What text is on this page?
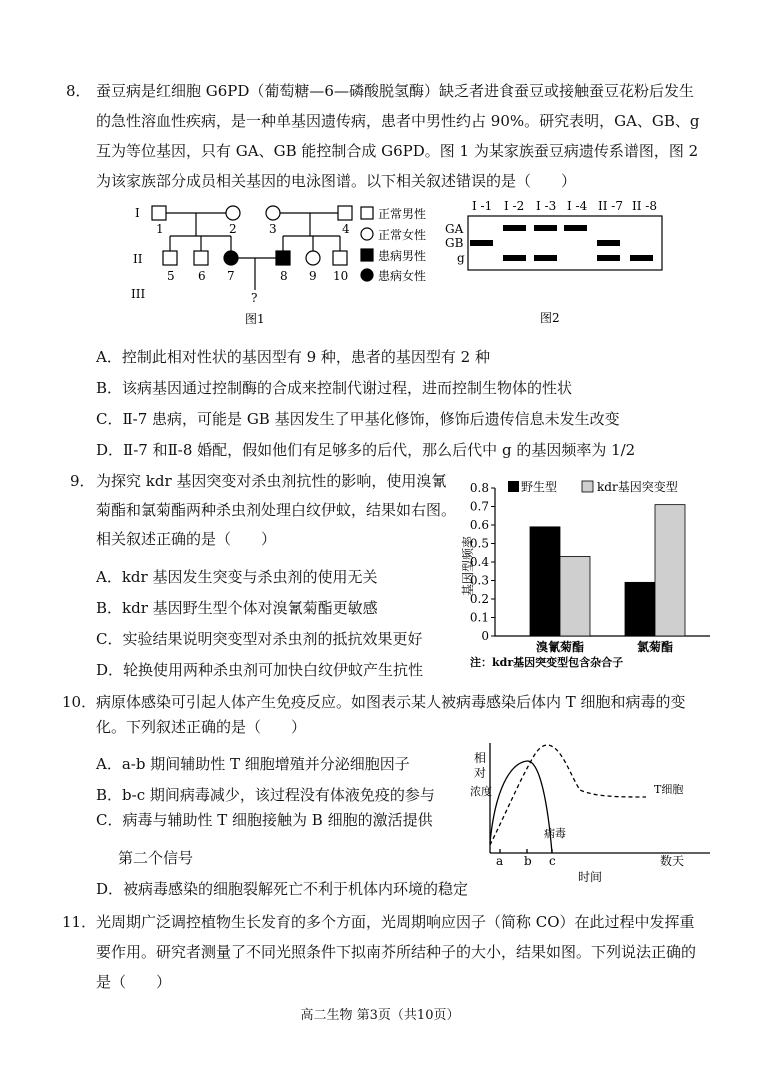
8． 蚕豆病是红细胞 G6PD（葡萄糖—6—磷酸脱氢酶）缺乏者进食蚕豆或接触蚕豆花粉后发生
的急性溶血性疾病，是一种单基因遗传病，患者中男性约占 90%。研究表明，GA、GB、g
互为等位基因，只有 GA、GB 能控制合成 G6PD。图 1 为某家族蚕豆病遗传系谱图，图 2
为该家族部分成员相关基因的电泳图谱。以下相关叙述错误的是（　　）
I
II
III
1	2	3	4
5 6 7	8 9 10
?
正常男性
正常女性
患病男性
患病女性
图1
I -1 I -2 I -3 I -4 II -7 II -8
GA
GB
g
图2
A．控制此相对性状的基因型有 9 种，患者的基因型有 2 种
B．该病基因通过控制酶的合成来控制代谢过程，进而控制生物体的性状
C．Ⅱ-7 患病，可能是 GB 基因发生了甲基化修饰，修饰后遗传信息未发生改变
D．Ⅱ-7 和Ⅱ-8 婚配，假如他们有足够多的后代，那么后代中 g 的基因频率为 1/2
9． 为探究 kdr 基因突变对杀虫剂抗性的影响，使用溴氰
菊酯和氯菊酯两种杀虫剂处理白纹伊蚊，结果如右图。
相关叙述正确的是（　　）
A．kdr 基因发生突变与杀虫剂的使用无关
B．kdr 基因野生型个体对溴氰菊酯更敏感
C．实验结果说明突变型对杀虫剂的抵抗效果更好
D．轮换使用两种杀虫剂可加快白纹伊蚊产生抗性
野生型	kdr基因突变型
基因型频率
0
0.1
0.2
0.3
0.4
0.5
0.6
0.7
0.8
溴氰菊酯	氯菊酯
注：kdr基因突变型包含杂合子
10． 病原体感染可引起人体产生免疫反应。如图表示某人被病毒感染后体内 T 细胞和病毒的变
化。下列叙述正确的是（　　）
A．a-b 期间辅助性 T 细胞增殖并分泌细胞因子
B．b-c 期间病毒减少，该过程没有体液免疫的参与
C．病毒与辅助性 T 细胞接触为 B 细胞的激活提供
第二个信号
D．被病毒感染的细胞裂解死亡不利于机体内环境的稳定
相
对
浓度	T细胞
病毒
a b c	数天
时间
11． 光周期广泛调控植物生长发育的多个方面，光周期响应因子（简称 CO）在此过程中发挥重
要作用。研究者测量了不同光照条件下拟南芥所结种子的大小，结果如图。下列说法正确的
是（　　）
高二生物 第3页（共10页）
